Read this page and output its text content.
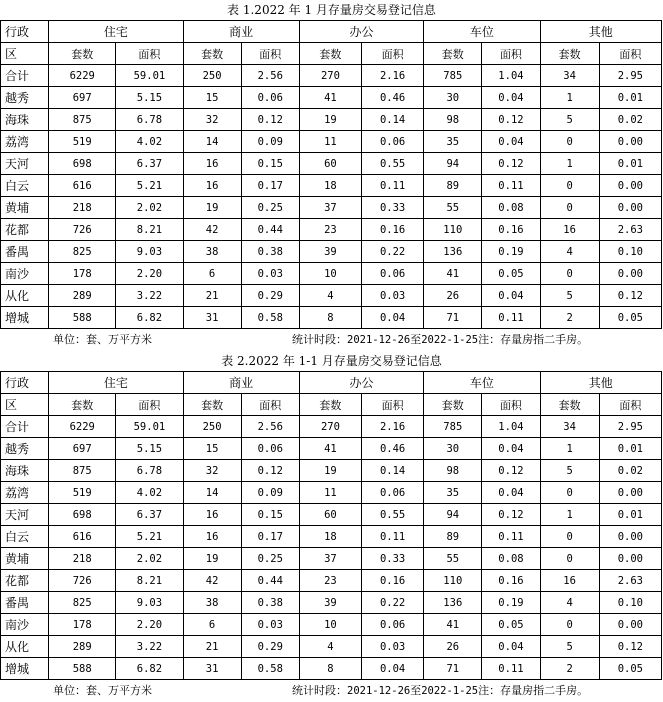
表 1.2022 年 1 月存量房交易登记信息
行政	住宅		商业		办公		车位		其他	
区	套数	面积	套数	面积	套数	面积	套数	面积	套数	面积
合计	6229	59.01	250	2.56	270	2.16	785	1.04	34	2.95
越秀	697	5.15	15	0.06	41	0.46	30	0.04	1	0.01
海珠	875	6.78	32	0.12	19	0.14	98	0.12	5	0.02
荔湾	519	4.02	14	0.09	11	0.06	35	0.04	0	0.00
天河	698	6.37	16	0.15	60	0.55	94	0.12	1	0.01
白云	616	5.21	16	0.17	18	0.11	89	0.11	0	0.00
黄埔	218	2.02	19	0.25	37	0.33	55	0.08	0	0.00
花都	726	8.21	42	0.44	23	0.16	110	0.16	16	2.63
番禺	825	9.03	38	0.38	39	0.22	136	0.19	4	0.10
南沙	178	2.20	6	0.03	10	0.06	41	0.05	0	0.00
从化	289	3.22	21	0.29	4	0.03	26	0.04	5	0.12
增城	588	6.82	31	0.58	8	0.04	71	0.11	2	0.05
单位：套、万平方米	统计时段：2021-12-26至2022-1-25注：存量房指二手房。
表 2.2022 年 1-1 月存量房交易登记信息
行政	住宅		商业		办公		车位		其他	
区	套数	面积	套数	面积	套数	面积	套数	面积	套数	面积
合计	6229	59.01	250	2.56	270	2.16	785	1.04	34	2.95
越秀	697	5.15	15	0.06	41	0.46	30	0.04	1	0.01
海珠	875	6.78	32	0.12	19	0.14	98	0.12	5	0.02
荔湾	519	4.02	14	0.09	11	0.06	35	0.04	0	0.00
天河	698	6.37	16	0.15	60	0.55	94	0.12	1	0.01
白云	616	5.21	16	0.17	18	0.11	89	0.11	0	0.00
黄埔	218	2.02	19	0.25	37	0.33	55	0.08	0	0.00
花都	726	8.21	42	0.44	23	0.16	110	0.16	16	2.63
番禺	825	9.03	38	0.38	39	0.22	136	0.19	4	0.10
南沙	178	2.20	6	0.03	10	0.06	41	0.05	0	0.00
从化	289	3.22	21	0.29	4	0.03	26	0.04	5	0.12
增城	588	6.82	31	0.58	8	0.04	71	0.11	2	0.05
单位：套、万平方米	统计时段：2021-12-26至2022-1-25注：存量房指二手房。
